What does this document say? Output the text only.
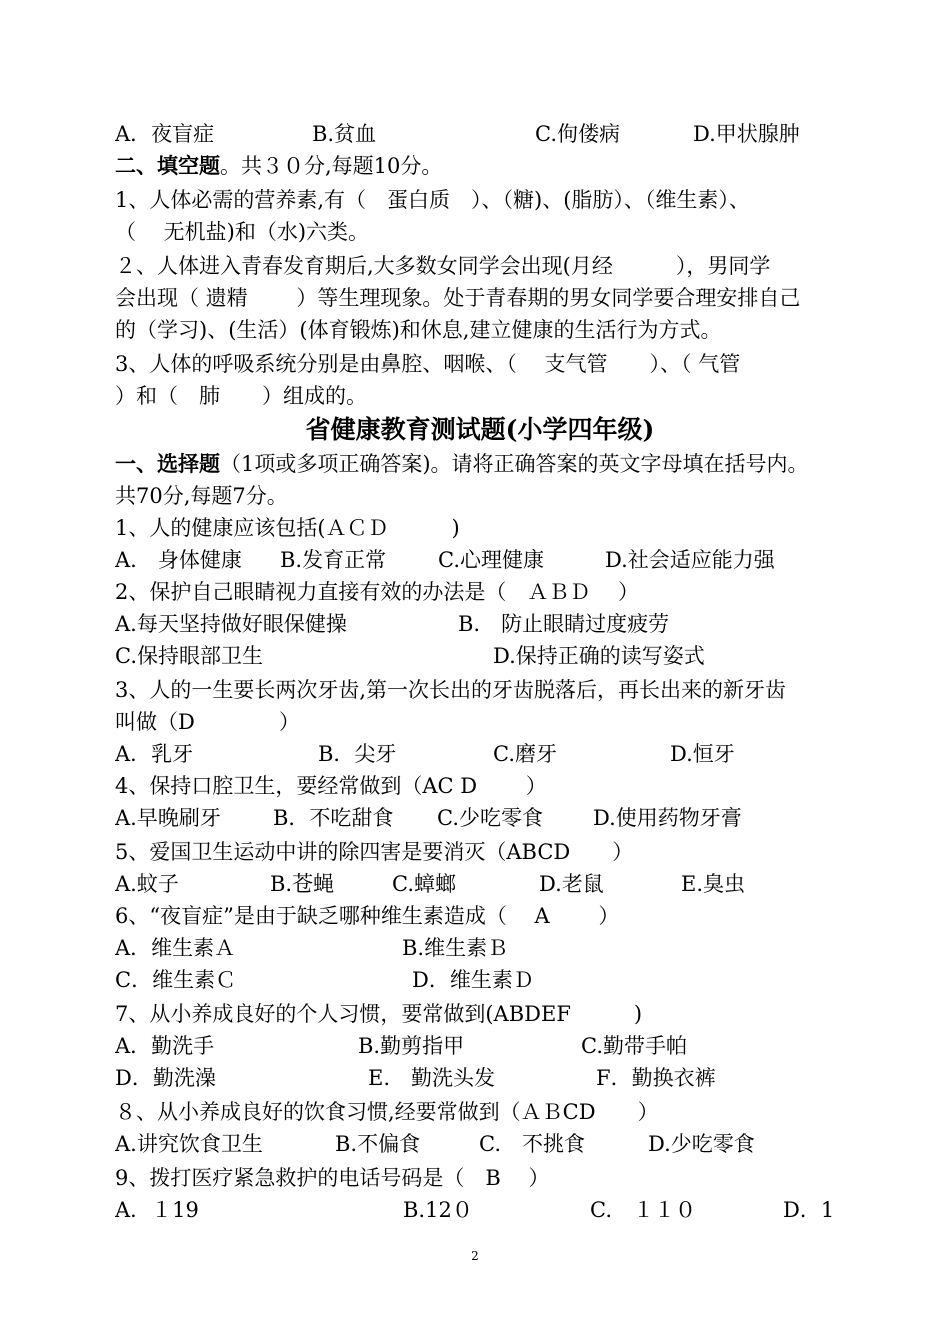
A．夜盲症	B.贫血	C.佝偻病	D.甲状腺肿
二、填空题。共３０分,每题10分。
1、人体必需的营养素,有（　蛋白质　）、（糖)、(脂肪）、（维生素）、
（　 无机盐)和（水)六类。
２、人体进入青春发育期后,大多数女同学会出现(月经　　　），男同学
会出现（ 遗精　　 ）等生理现象。处于青春期的男女同学要合理安排自己
的（学习)、(生活）(体育锻炼)和休息,建立健康的生活行为方式。
3、人体的呼吸系统分别是由鼻腔、咽喉、（　 支气管　　）、（ 气管
）和（　肺　　）组成的。
省健康教育测试题(小学四年级)
一、选择题（1项或多项正确答案)。请将正确答案的英文字母填在括号内。
共70分,每题7分。
1、人的健康应该包括(ＡＣＤ　　　)
A.　身体健康 B.发育正常 C.心理健康	D.社会适应能力强
2、保护自己眼睛视力直接有效的办法是（　ＡＢＤ　 ）
A.每天坚持做好眼保健操	B.　防止眼睛过度疲劳
C.保持眼部卫生	D.保持正确的读写姿式
3、人的一生要长两次牙齿,第一次长出的牙齿脱落后，再长出来的新牙齿
叫做（D　　　　）
A．乳牙	B．尖牙	C.磨牙	D.恒牙
4、保持口腔卫生，要经常做到（AC D　　 ）
A.早晚刷牙 B．不吃甜食 C.少吃零食 D.使用药物牙膏
5、爱国卫生运动中讲的除四害是要消灭（ABCD　　）
A.蚊子	B.苍蝇	C.蟑螂	D.老鼠	E.臭虫
6、“夜盲症”是由于缺乏哪种维生素造成（　 A　　 ）
A．维生素Ａ	B.维生素Ｂ
C．维生素Ｃ	D．维生素Ｄ
7、从小养成良好的个人习惯，要常做到(ABDEF　　　)
A．勤洗手	B.勤剪指甲	C.勤带手帕
D．勤洗澡	E.　勤洗头发	F．勤换衣裤
８、从小养成良好的饮食习惯,经要常做到（ＡＢCD　　）
A.讲究饮食卫生	B.不偏食	C.　不挑食	D.少吃零食
9、拨打医疗紧急救护的电话号码是（　B　 ）
A．１19	B.12０	C.　１１０	D．1
2
